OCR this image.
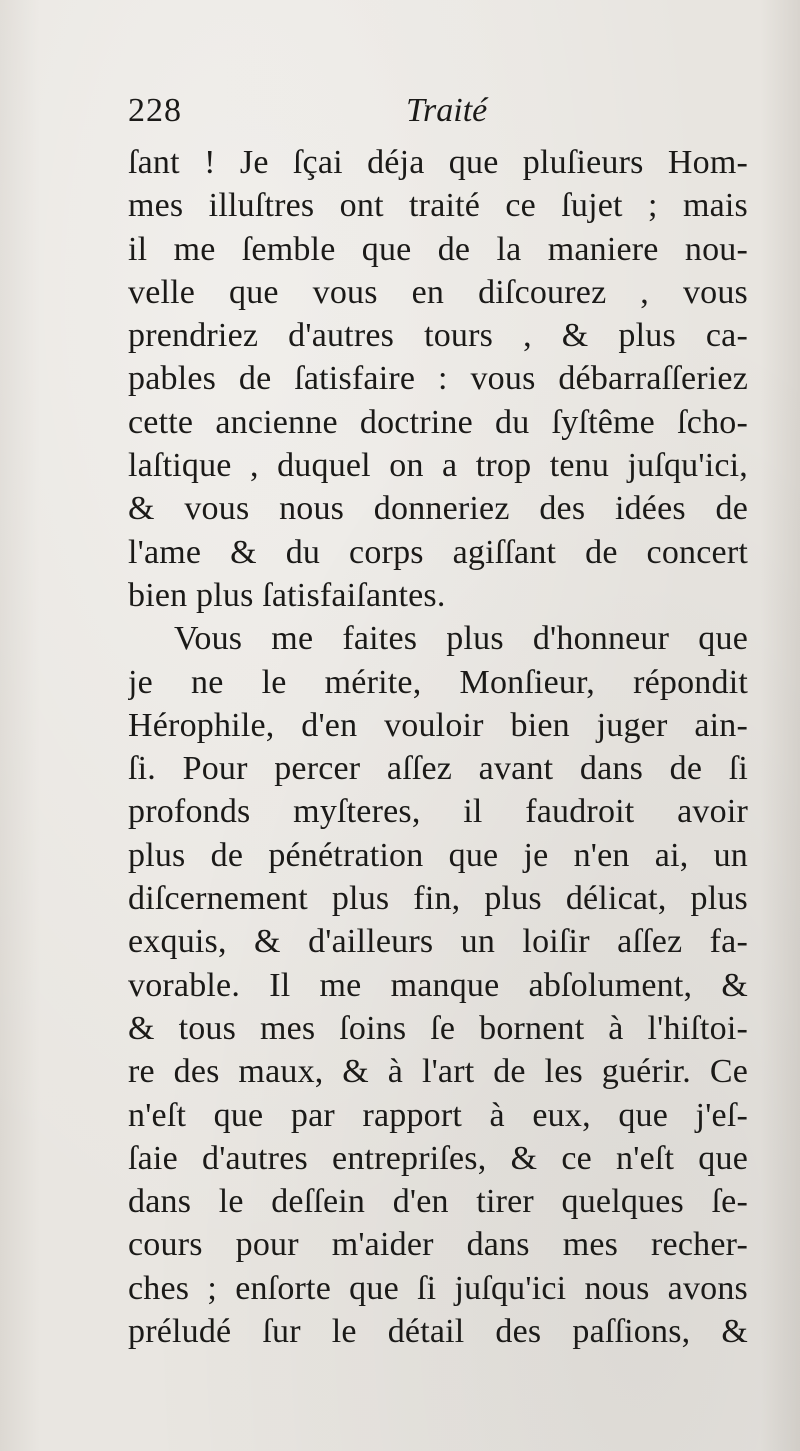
228	Traité
ſant ! Je ſçai déja que pluſieurs Hom-
mes illuſtres ont traité ce ſujet ; mais
il me ſemble que de la maniere nou-
velle que vous en diſcourez , vous
prendriez d'autres tours , & plus ca-
pables de ſatisfaire : vous débarraſſeriez
cette ancienne doctrine du ſyſtême ſcho-
laſtique , duquel on a trop tenu juſqu'ici,
& vous nous donneriez des idées de
l'ame & du corps agiſſant de concert
bien plus ſatisfaiſantes.
Vous me faites plus d'honneur que
je ne le mérite, Monſieur, répondit
Hérophile, d'en vouloir bien juger ain-
ſi. Pour percer aſſez avant dans de ſi
profonds myſteres, il faudroit avoir
plus de pénétration que je n'en ai, un
diſcernement plus fin, plus délicat, plus
exquis, & d'ailleurs un loiſir aſſez fa-
vorable. Il me manque abſolument, &
& tous mes ſoins ſe bornent à l'hiſtoi-
re des maux, & à l'art de les guérir. Ce
n'eſt que par rapport à eux, que j'eſ-
ſaie d'autres entrepriſes, & ce n'eſt que
dans le deſſein d'en tirer quelques ſe-
cours pour m'aider dans mes recher-
ches ; enſorte que ſi juſqu'ici nous avons
préludé ſur le détail des paſſions, &
